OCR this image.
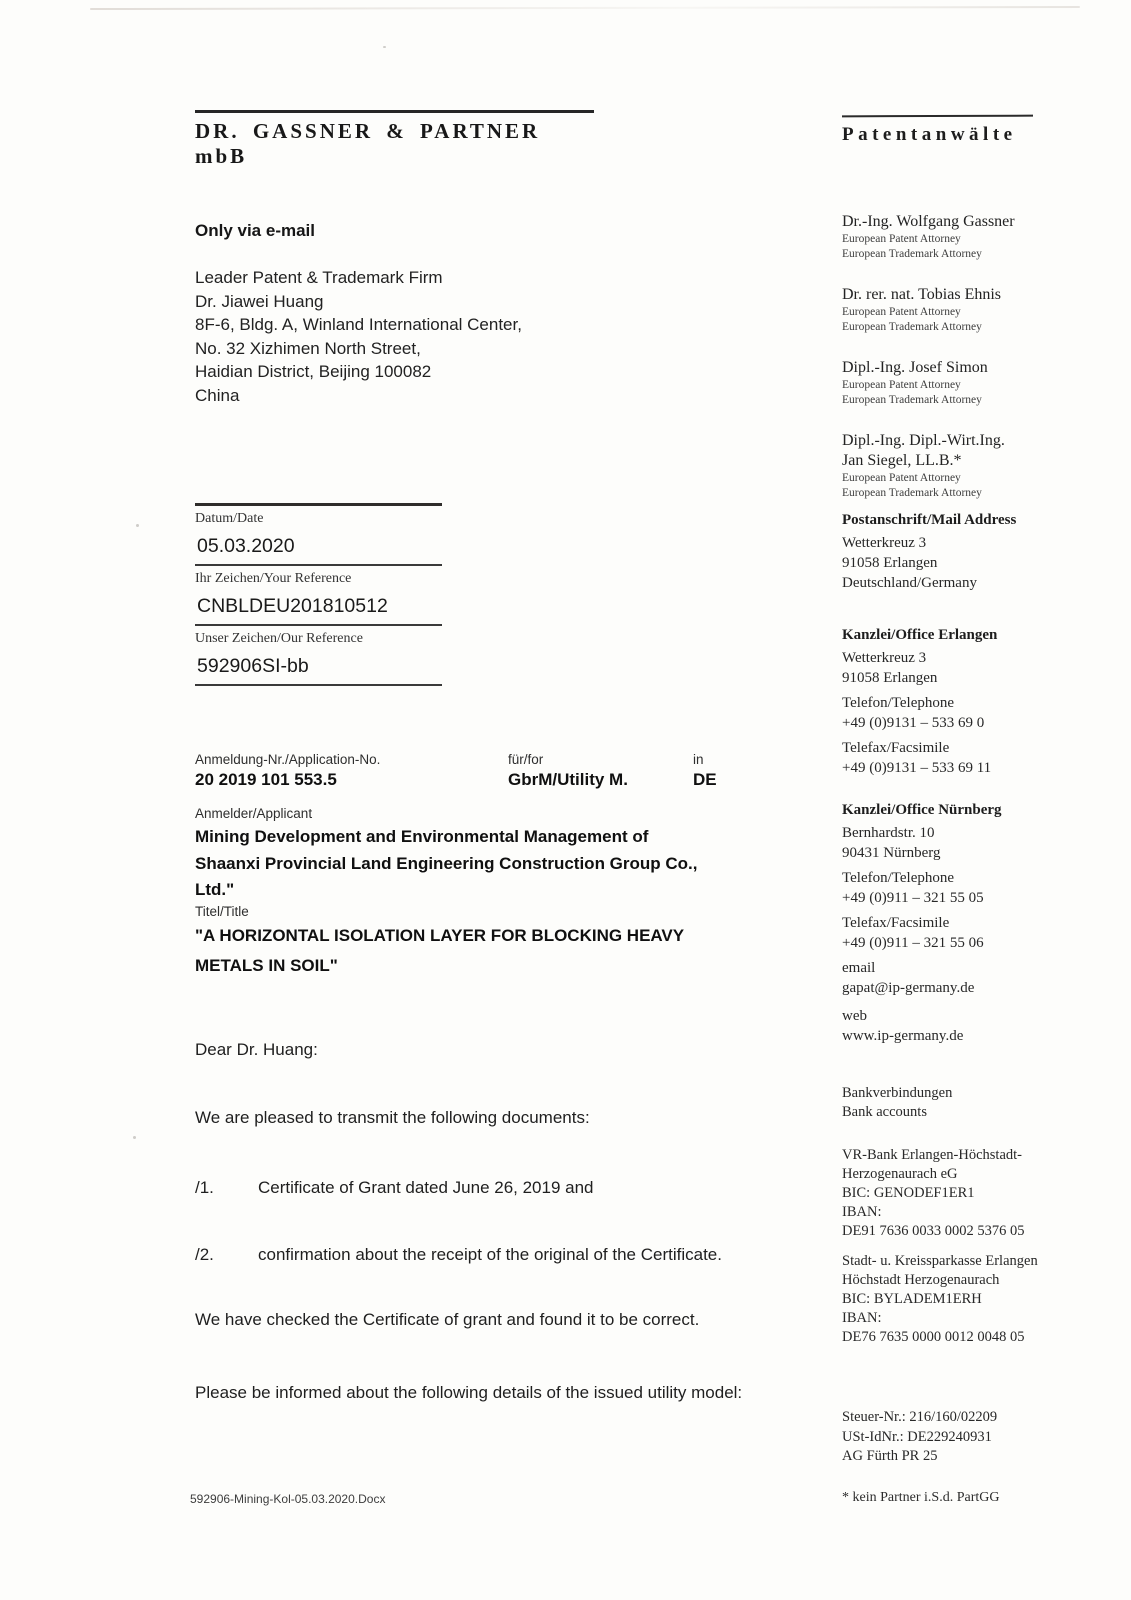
DR. GASSNER & PARTNER mbB
Patentanwälte
Only via e-mail
Leader Patent & Trademark Firm
Dr. Jiawei Huang
8F-6, Bldg. A, Winland International Center,
No. 32 Xizhimen North Street,
Haidian District, Beijing 100082
China
Datum/Date
05.03.2020
Ihr Zeichen/Your Reference
CNBLDEU201810512
Unser Zeichen/Our Reference
592906SI-bb
Anmeldung-Nr./Application-No.
20 2019 101 553.5
für/for
GbrM/Utility M.
in
DE
Anmelder/Applicant
Mining Development and Environmental Management of
Shaanxi Provincial Land Engineering Construction Group Co.,
Ltd."
Titel/Title
"A HORIZONTAL ISOLATION LAYER FOR BLOCKING HEAVY
METALS IN SOIL"
Dear Dr. Huang:
We are pleased to transmit the following documents:
/1.	Certificate of Grant dated June 26, 2019 and
/2.	confirmation about the receipt of the original of the Certificate.
We have checked the Certificate of grant and found it to be correct.
Please be informed about the following details of the issued utility model:
592906-Mining-Kol-05.03.2020.Docx
Dr.-Ing. Wolfgang Gassner
European Patent Attorney
European Trademark Attorney
Dr. rer. nat. Tobias Ehnis
European Patent Attorney
European Trademark Attorney
Dipl.-Ing. Josef Simon
European Patent Attorney
European Trademark Attorney
Dipl.-Ing. Dipl.-Wirt.Ing.
Jan Siegel, LL.B.*
European Patent Attorney
European Trademark Attorney
Postanschrift/Mail Address
Wetterkreuz 3
91058 Erlangen
Deutschland/Germany
Kanzlei/Office Erlangen
Wetterkreuz 3
91058 Erlangen
Telefon/Telephone
+49 (0)9131 – 533 69 0
Telefax/Facsimile
+49 (0)9131 – 533 69 11
Kanzlei/Office Nürnberg
Bernhardstr. 10
90431 Nürnberg
Telefon/Telephone
+49 (0)911 – 321 55 05
Telefax/Facsimile
+49 (0)911 – 321 55 06
email
gapat@ip-germany.de
web
www.ip-germany.de
Bankverbindungen
Bank accounts
VR-Bank Erlangen-Höchstadt-
Herzogenaurach eG
BIC: GENODEF1ER1
IBAN:
DE91 7636 0033 0002 5376 05
Stadt- u. Kreissparkasse Erlangen
Höchstadt Herzogenaurach
BIC: BYLADEM1ERH
IBAN:
DE76 7635 0000 0012 0048 05
Steuer-Nr.: 216/160/02209
USt-IdNr.: DE229240931
AG Fürth PR 25
* kein Partner i.S.d. PartGG
